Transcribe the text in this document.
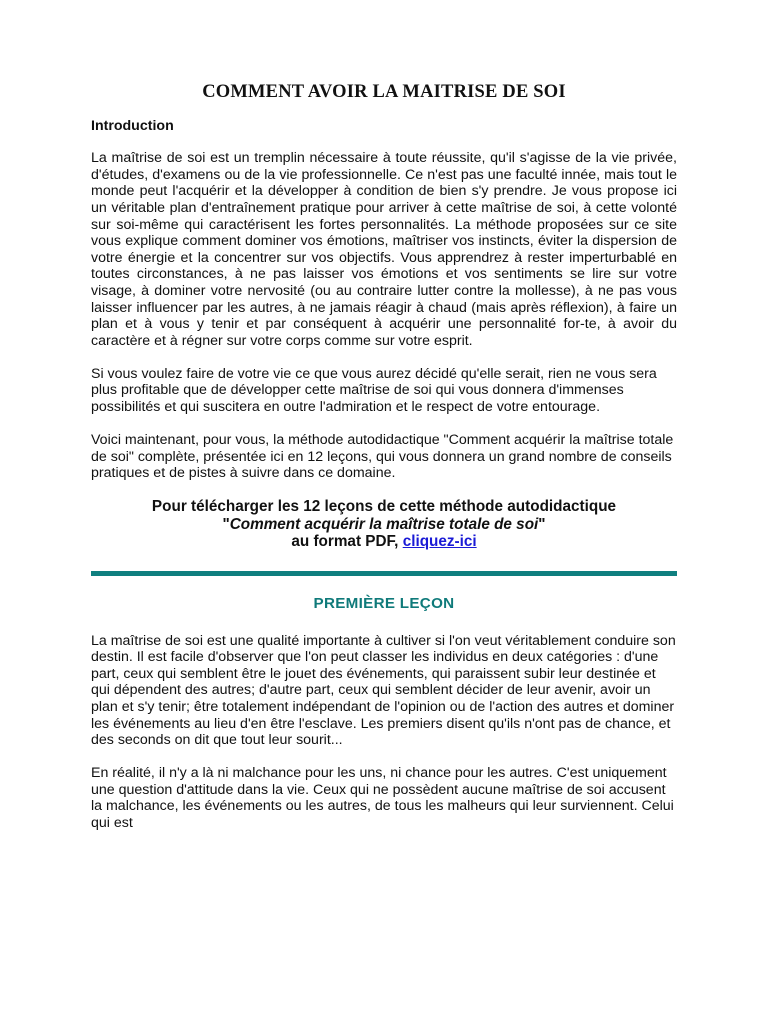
COMMENT AVOIR LA MAITRISE DE SOI
Introduction

La maîtrise de soi est un tremplin nécessaire à toute réussite, qu'il s'agisse de la vie privée, d'études, d'examens ou de la vie professionnelle. Ce n'est pas une faculté innée, mais tout le monde peut l'acquérir et la développer à condition de bien s'y prendre. Je vous propose ici un véritable plan d'entraînement pratique pour arriver à cette maîtrise de soi, à cette volonté sur soi-même qui caractérisent les fortes personnalités. La méthode proposées sur ce site vous explique comment dominer vos émotions, maîtriser vos instincts, éviter la dispersion de votre énergie et la concentrer sur vos objectifs. Vous apprendrez à rester imperturbablé en toutes circonstances, à ne pas laisser vos émotions et vos sentiments se lire sur votre visage, à dominer votre nervosité (ou au contraire lutter contre la mollesse), à ne pas vous laisser influencer par les autres, à ne jamais réagir à chaud (mais après réflexion), à faire un plan et à vous y tenir et par conséquent à acquérir une personnalité for-te, à avoir du caractère et à régner sur votre corps comme sur votre esprit.

Si vous voulez faire de votre vie ce que vous aurez décidé qu'elle serait, rien ne vous sera plus profitable que de développer cette maîtrise de soi qui vous donnera d'immenses possibilités et qui suscitera en outre l'admiration et le respect de votre entourage.

Voici maintenant, pour vous, la méthode autodidactique "Comment acquérir la maîtrise totale de soi" complète, présentée ici en 12 leçons, qui vous donnera un grand nombre de conseils pratiques et de pistes à suivre dans ce domaine.

Pour télécharger les 12 leçons de cette méthode autodidactique
"Comment acquérir la maîtrise totale de soi"
au format PDF, cliquez-ici
PREMIÈRE LEÇON

La maîtrise de soi est une qualité importante à cultiver si l'on veut véritablement conduire son destin. Il est facile d'observer que l'on peut classer les individus en deux catégories : d'une part, ceux qui semblent être le jouet des événements, qui paraissent subir leur destinée et qui dépendent des autres; d'autre part, ceux qui semblent décider de leur avenir, avoir un plan et s'y tenir; être totalement indépendant de l'opinion ou de l'action des autres et dominer les événements au lieu d'en être l'esclave. Les premiers disent qu'ils n'ont pas de chance, et des seconds on dit que tout leur sourit...

En réalité, il n'y a là ni malchance pour les uns, ni chance pour les autres. C'est uniquement une question d'attitude dans la vie. Ceux qui ne possèdent aucune maîtrise de soi accusent la malchance, les événements ou les autres, de tous les malheurs qui leur surviennent. Celui qui est
